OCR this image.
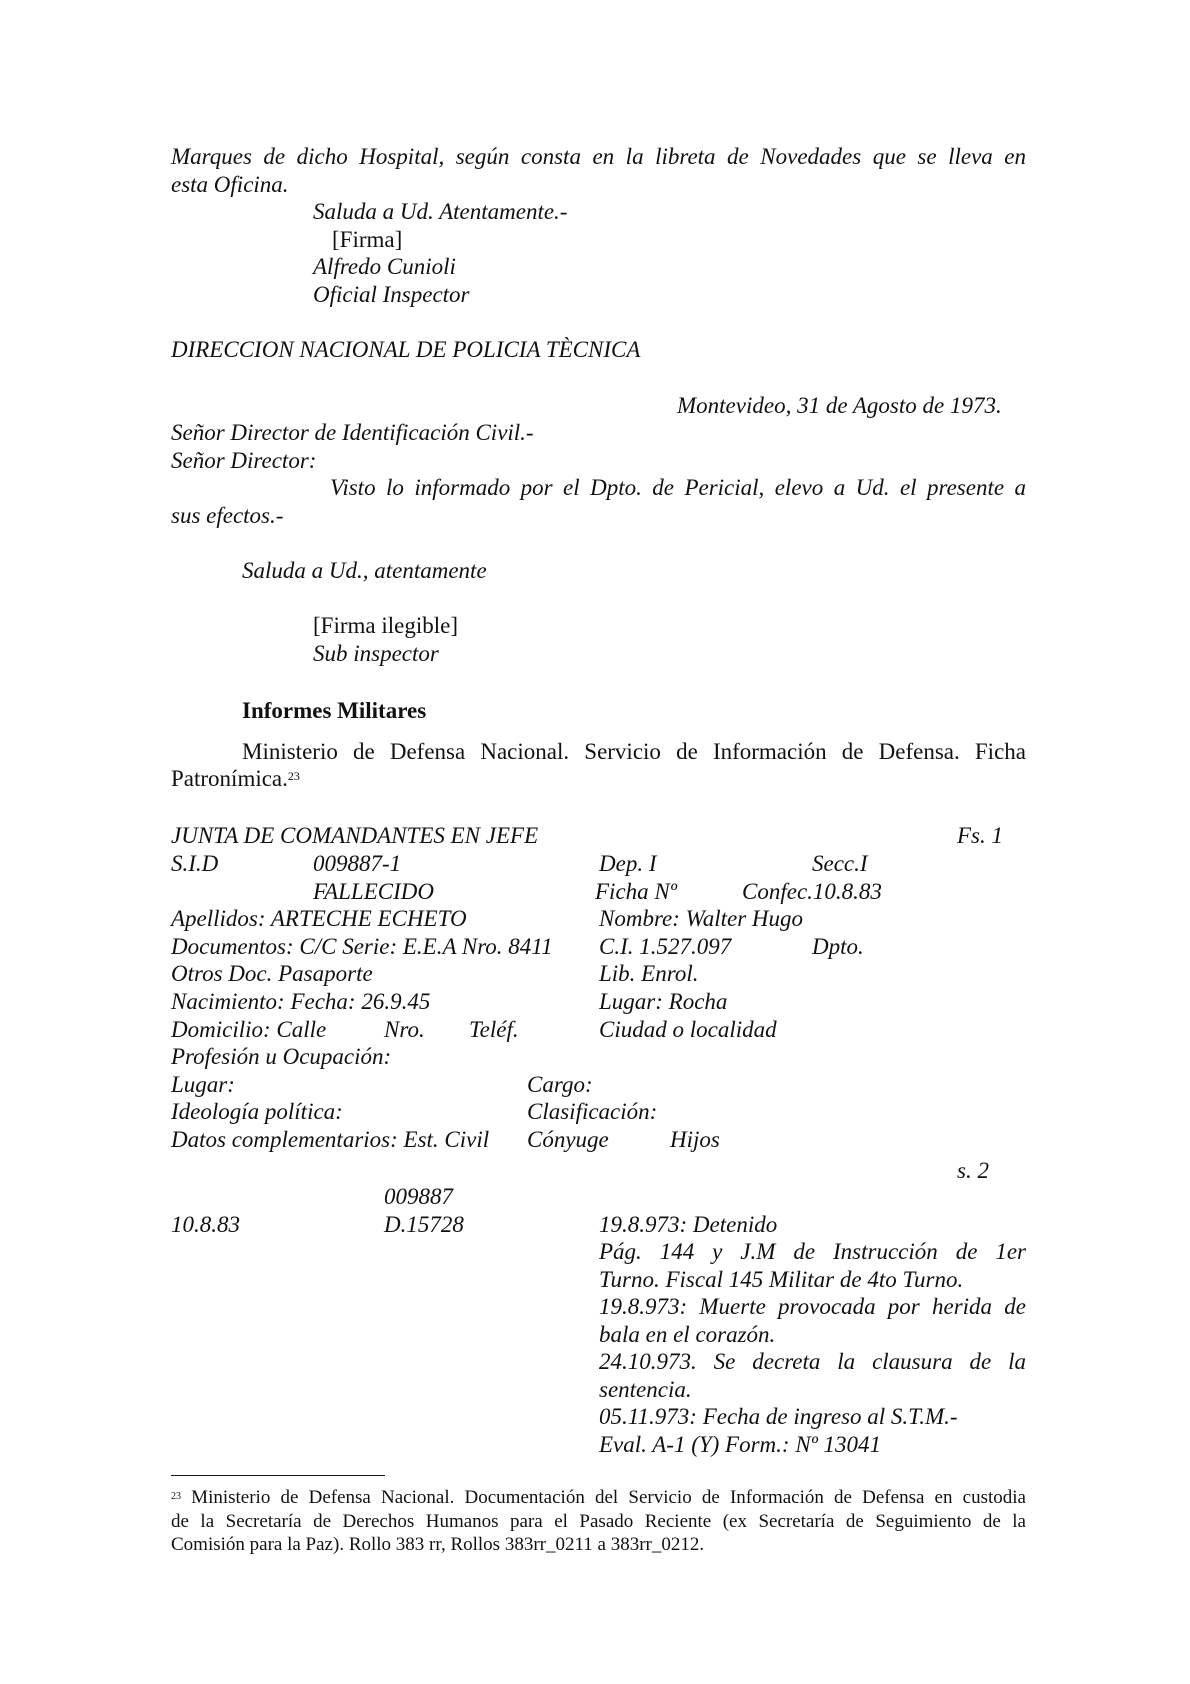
Marques de dicho Hospital, según consta en la libreta de Novedades que se lleva en
esta Oficina.
Saluda a Ud. Atentamente.-
[Firma]
Alfredo Cunioli
Oficial Inspector
DIRECCION NACIONAL DE POLICIA TÈCNICA
Montevideo, 31 de Agosto de 1973.
Señor Director de Identificación Civil.-
Señor Director:
Visto lo informado por el Dpto. de Pericial, elevo a Ud. el presente a
sus efectos.-
Saluda a Ud., atentamente
[Firma ilegible]
Sub inspector
Informes Militares
Ministerio de Defensa Nacional. Servicio de Información de Defensa. Ficha
Patronímica.$^{23}$
JUNTA DE COMANDANTES EN JEFE	Fs. 1
S.I.D	009887-1	Dep. I	Secc.I
FALLECIDO	Ficha Nº	Confec.10.8.83
Apellidos: ARTECHE ECHETO	Nombre: Walter Hugo
Documentos: C/C Serie: E.E.A Nro. 8411 C.I. 1.527.097	Dpto.
Otros Doc. Pasaporte	Lib. Enrol.
Nacimiento: Fecha: 26.9.45	Lugar: Rocha
Domicilio: Calle	Nro. Teléf.	Ciudad o localidad
Profesión u Ocupación:
Lugar:	Cargo:
Ideología política:	Clasificación:
Datos complementarios: Est. Civil Cónyuge	Hijos
s. 2
009887
10.8.83	D.15728	19.8.973: Detenido
Pág. 144 y J.M de Instrucción de 1er
Turno. Fiscal 145 Militar de 4to Turno.
19.8.973: Muerte provocada por herida de
bala en el corazón.
24.10.973. Se decreta la clausura de la
sentencia.
05.11.973: Fecha de ingreso al S.T.M.-
Eval. A-1 (Y) Form.: Nº 13041
$^{23}$ Ministerio de Defensa Nacional. Documentación del Servicio de Información de Defensa en custodia
de la Secretaría de Derechos Humanos para el Pasado Reciente (ex Secretaría de Seguimiento de la
Comisión para la Paz). Rollo 383 rr, Rollos 383rr_0211 a 383rr_0212.
